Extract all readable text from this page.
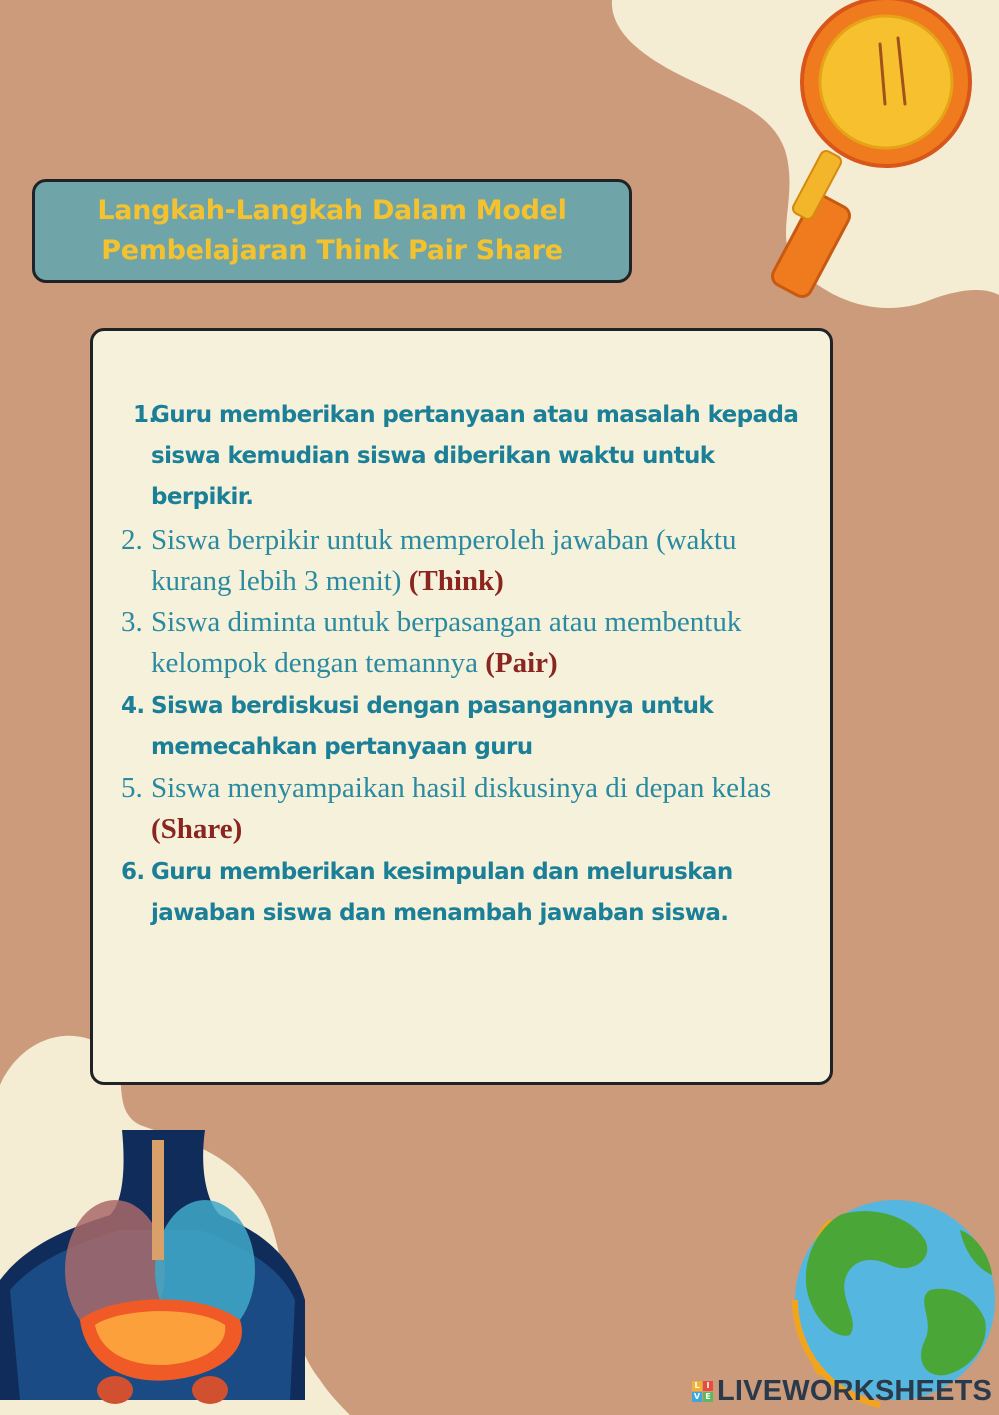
Langkah-Langkah Dalam Model Pembelajaran Think Pair Share
1.
Guru memberikan pertanyaan atau masalah kepada siswa kemudian siswa diberikan waktu untuk berpikir.
2. Siswa berpikir untuk memperoleh jawaban (waktu kurang lebih 3 menit) (Think)
3. Siswa diminta untuk berpasangan atau membentuk kelompok dengan temannya (Pair)
4. Siswa berdiskusi dengan pasangannya untuk memecahkan pertanyaan guru
5. Siswa menyampaikan hasil diskusinya di depan kelas (Share)
6. Guru memberikan kesimpulan dan meluruskan jawaban siswa dan menambah jawaban siswa.
L I
V E LIVEWORKSHEETS
